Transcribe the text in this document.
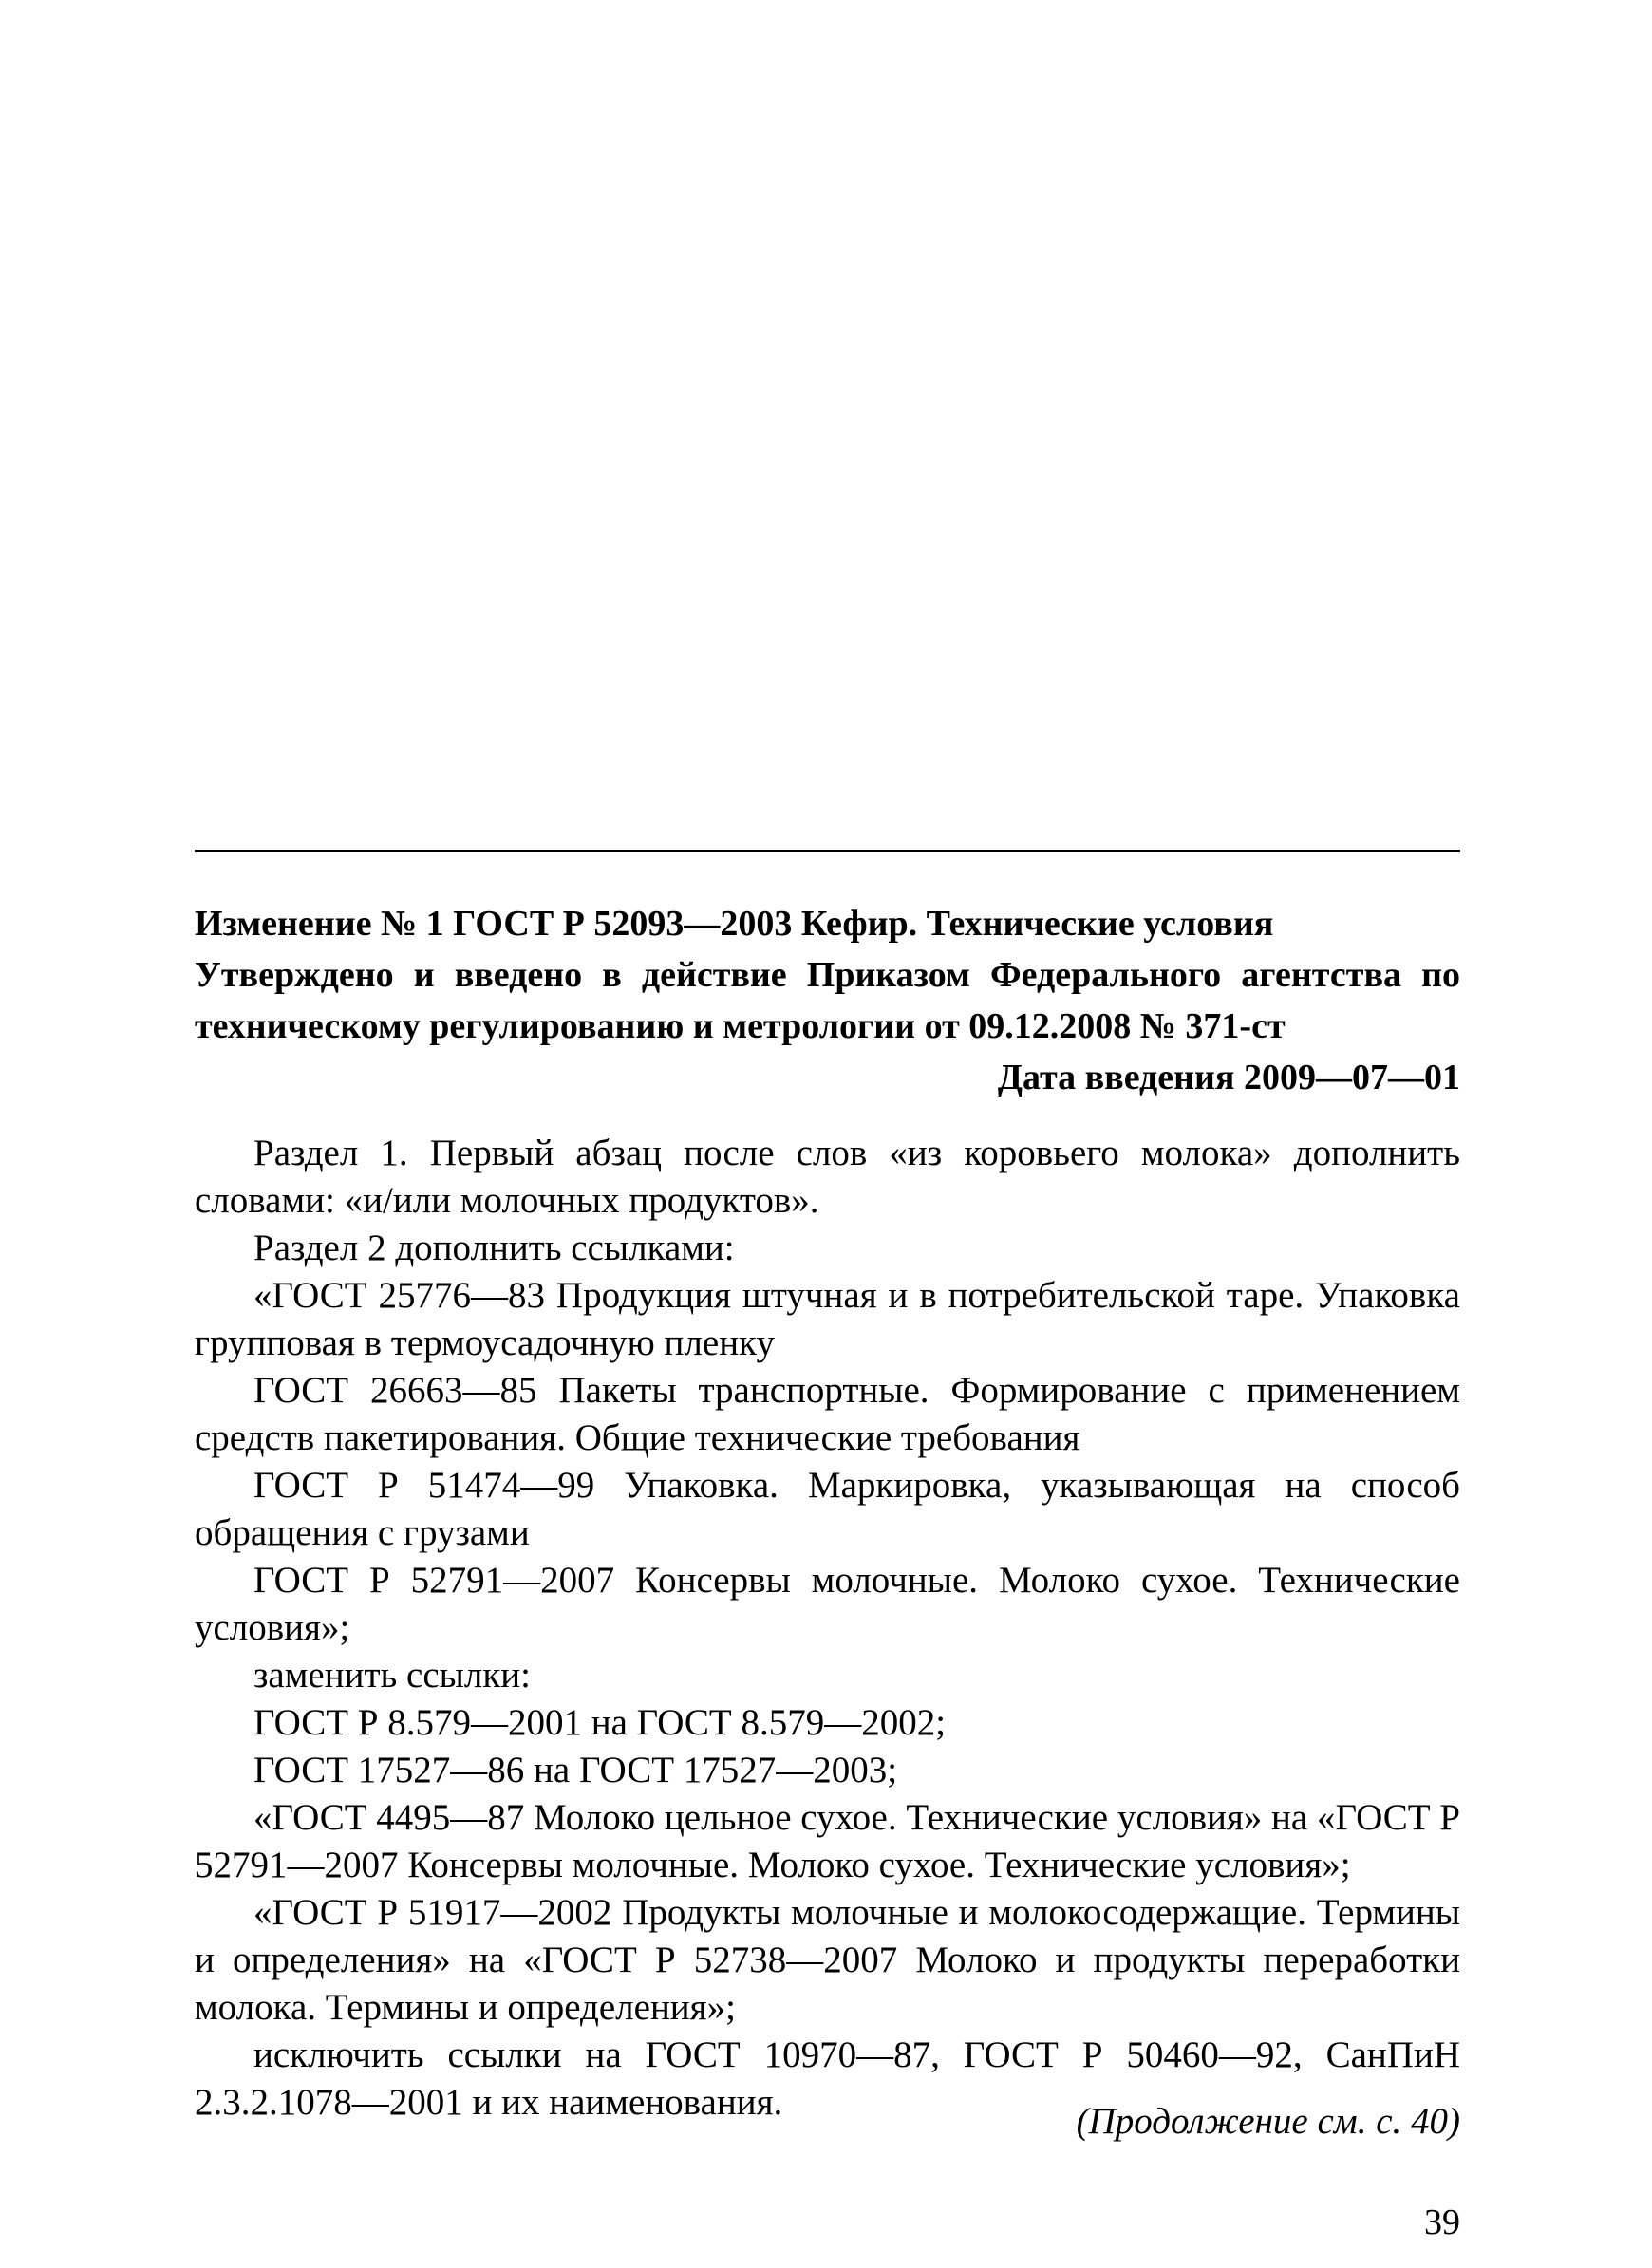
Изменение № 1 ГОСТ Р 52093—2003 Кефир. Технические условия

Утверждено и введено в действие Приказом Федерального агентства по техническому регулированию и метрологии от 09.12.2008 № 371-ст

Дата введения 2009—07—01

Раздел 1. Первый абзац после слов «из коровьего молока» дополнить словами: «и/или молочных продуктов».

Раздел 2 дополнить ссылками:

«ГОСТ 25776—83 Продукция штучная и в потребительской таре. Упаковка групповая в термоусадочную пленку

ГОСТ 26663—85 Пакеты транспортные. Формирование с применением средств пакетирования. Общие технические требования

ГОСТ Р 51474—99 Упаковка. Маркировка, указывающая на способ обращения с грузами

ГОСТ Р 52791—2007 Консервы молочные. Молоко сухое. Технические условия»;

заменить ссылки:

ГОСТ Р 8.579—2001 на ГОСТ 8.579—2002;

ГОСТ 17527—86 на ГОСТ 17527—2003;

«ГОСТ 4495—87 Молоко цельное сухое. Технические условия» на «ГОСТ Р 52791—2007 Консервы молочные. Молоко сухое. Технические условия»;

«ГОСТ Р 51917—2002 Продукты молочные и молокосодержащие. Термины и определения» на «ГОСТ Р 52738—2007 Молоко и продукты переработки молока. Термины и определения»;

исключить ссылки на ГОСТ 10970—87, ГОСТ Р 50460—92, СанПиН 2.3.2.1078—2001 и их наименования.	(Продолжение см. с. 40)
39
